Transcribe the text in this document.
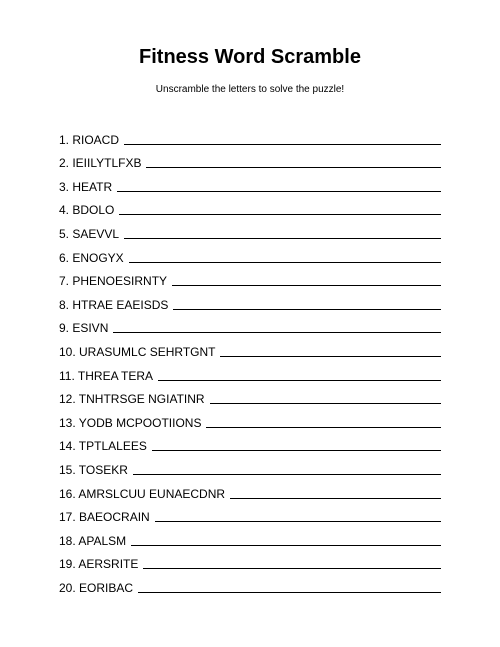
Fitness Word Scramble
Unscramble the letters to solve the puzzle!
1. RIOACD
2. IEIILYTLFXB
3. HEATR
4. BDOLO
5. SAEVVL
6. ENOGYX
7. PHENOESIRNTY
8. HTRAE EAEISDS
9. ESIVN
10. URASUMLC SEHRTGNT
11. THREA TERA
12. TNHTRSGE NGIATINR
13. YODB MCPOOTIIONS
14. TPTLALEES
15. TOSEKR
16. AMRSLCUU EUNAECDNR
17. BAEOCRAIN
18. APALSM
19. AERSRITE
20. EORIBAC
